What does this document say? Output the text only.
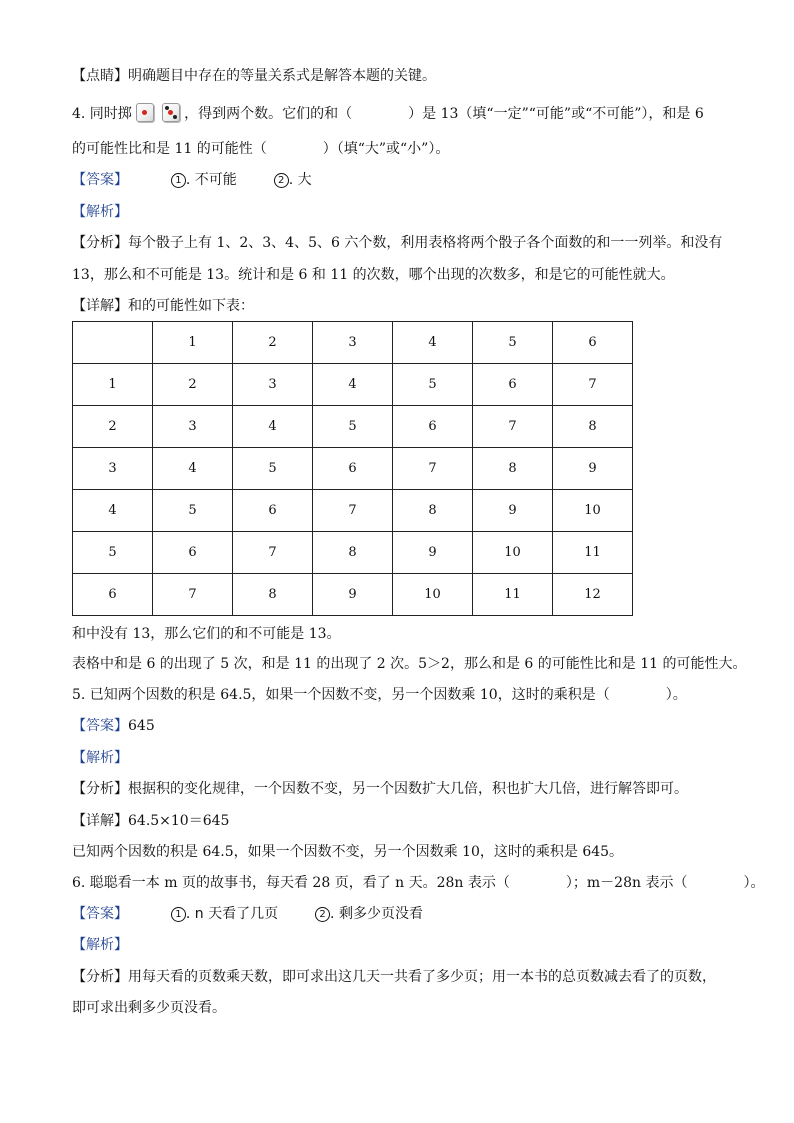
【点睛】明确题目中存在的等量关系式是解答本题的关键。
4. 同时掷
	，得到两个数。它们的和（　　　　）是 13（填“一定”“可能”或“不可能”），和是 6
的可能性比和是 11 的可能性（　　　　）（填“大”或“小”）。
【答案】	1 . 不可能	2 . 大
【解析】
【分析】每个骰子上有 1、2、3、4、5、6 六个数，利用表格将两个骰子各个面数的和一一列举。和没有
13，那么和不可能是 13。统计和是 6 和 11 的次数，哪个出现的次数多，和是它的可能性就大。
【详解】和的可能性如下表：
	1	2	3	4	5	6
1	2	3	4	5	6	7
2	3	4	5	6	7	8
3	4	5	6	7	8	9
4	5	6	7	8	9	10
5	6	7	8	9	10	11
6	7	8	9	10	11	12
和中没有 13，那么它们的和不可能是 13。
表格中和是 6 的出现了 5 次，和是 11 的出现了 2 次。5＞2，那么和是 6 的可能性比和是 11 的可能性大。
5. 已知两个因数的积是 64.5，如果一个因数不变，另一个因数乘 10，这时的乘积是（　　　　）。
【答案】645
【解析】
【分析】根据积的变化规律，一个因数不变，另一个因数扩大几倍，积也扩大几倍，进行解答即可。
【详解】64.5×10＝645
已知两个因数的积是 64.5，如果一个因数不变，另一个因数乘 10，这时的乘积是 645。
6. 聪聪看一本 m 页的故事书，每天看 28 页，看了 n 天。28n 表示（　　　　）；m－28n 表示（　　　　）。
【答案】	1 . n 天看了几页	2 . 剩多少页没看
【解析】
【分析】用每天看的页数乘天数，即可求出这几天一共看了多少页；用一本书的总页数减去看了的页数，
即可求出剩多少页没看。
